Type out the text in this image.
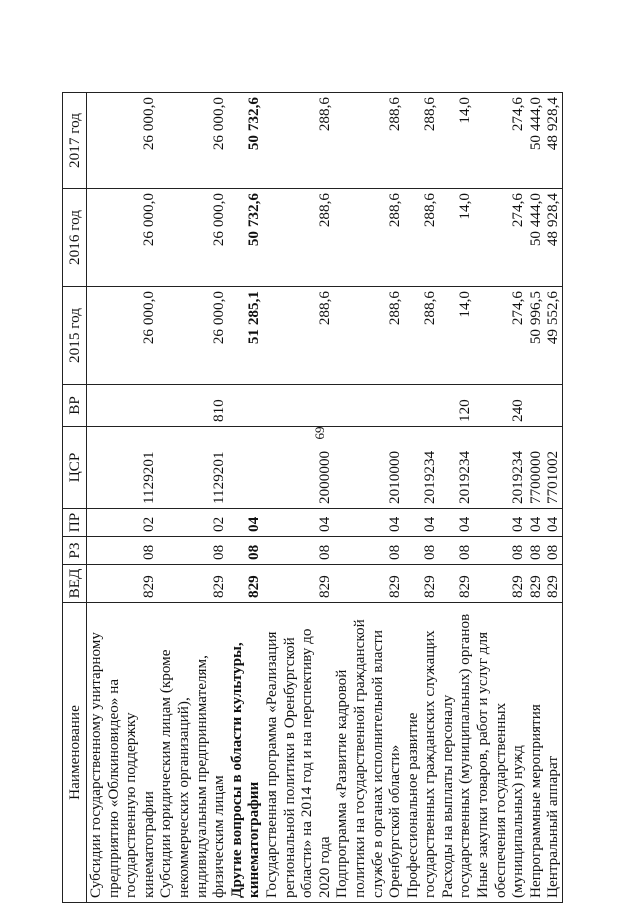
69
Наименование	ВЕД	РЗ	ПР	ЦСР	ВР	2015 год	2016 год	2017 год
Субсидии государственному унитарному предприятию «Облкиновидео» на государственную поддержку кинематографии	829	08	02	1129201		26 000,0	26 000,0	26 000,0
Субсидии юридическим лицам (кроме некоммерческих организаций), индивидуальным предпринимателям, физическим лицам	829	08	02	1129201	810	26 000,0	26 000,0	26 000,0
Другие вопросы в области культуры, кинематографии	829	08	04			51 285,1	50 732,6	50 732,6
Государственная программа «Реализация региональной политики в Оренбургской области» на 2014 год и на перспективу до 2020 года	829	08	04	2000000		288,6	288,6	288,6
Подпрограмма «Развитие кадровой политики на государственной гражданской службе в органах исполнительной власти Оренбургской области»	829	08	04	2010000		288,6	288,6	288,6
Профессиональное развитие государственных гражданских служащих	829	08	04	2019234		288,6	288,6	288,6
Расходы на выплаты персоналу государственных (муниципальных) органов	829	08	04	2019234	120	14,0	14,0	14,0
Иные закупки товаров, работ и услуг для обеспечения государственных (муниципальных) нужд	829	08	04	2019234	240	274,6	274,6	274,6
Непрограммные мероприятия	829	08	04	7700000		50 996,5	50 444,0	50 444,0
Центральный аппарат	829	08	04	7701002		49 552,6	48 928,4	48 928,4
